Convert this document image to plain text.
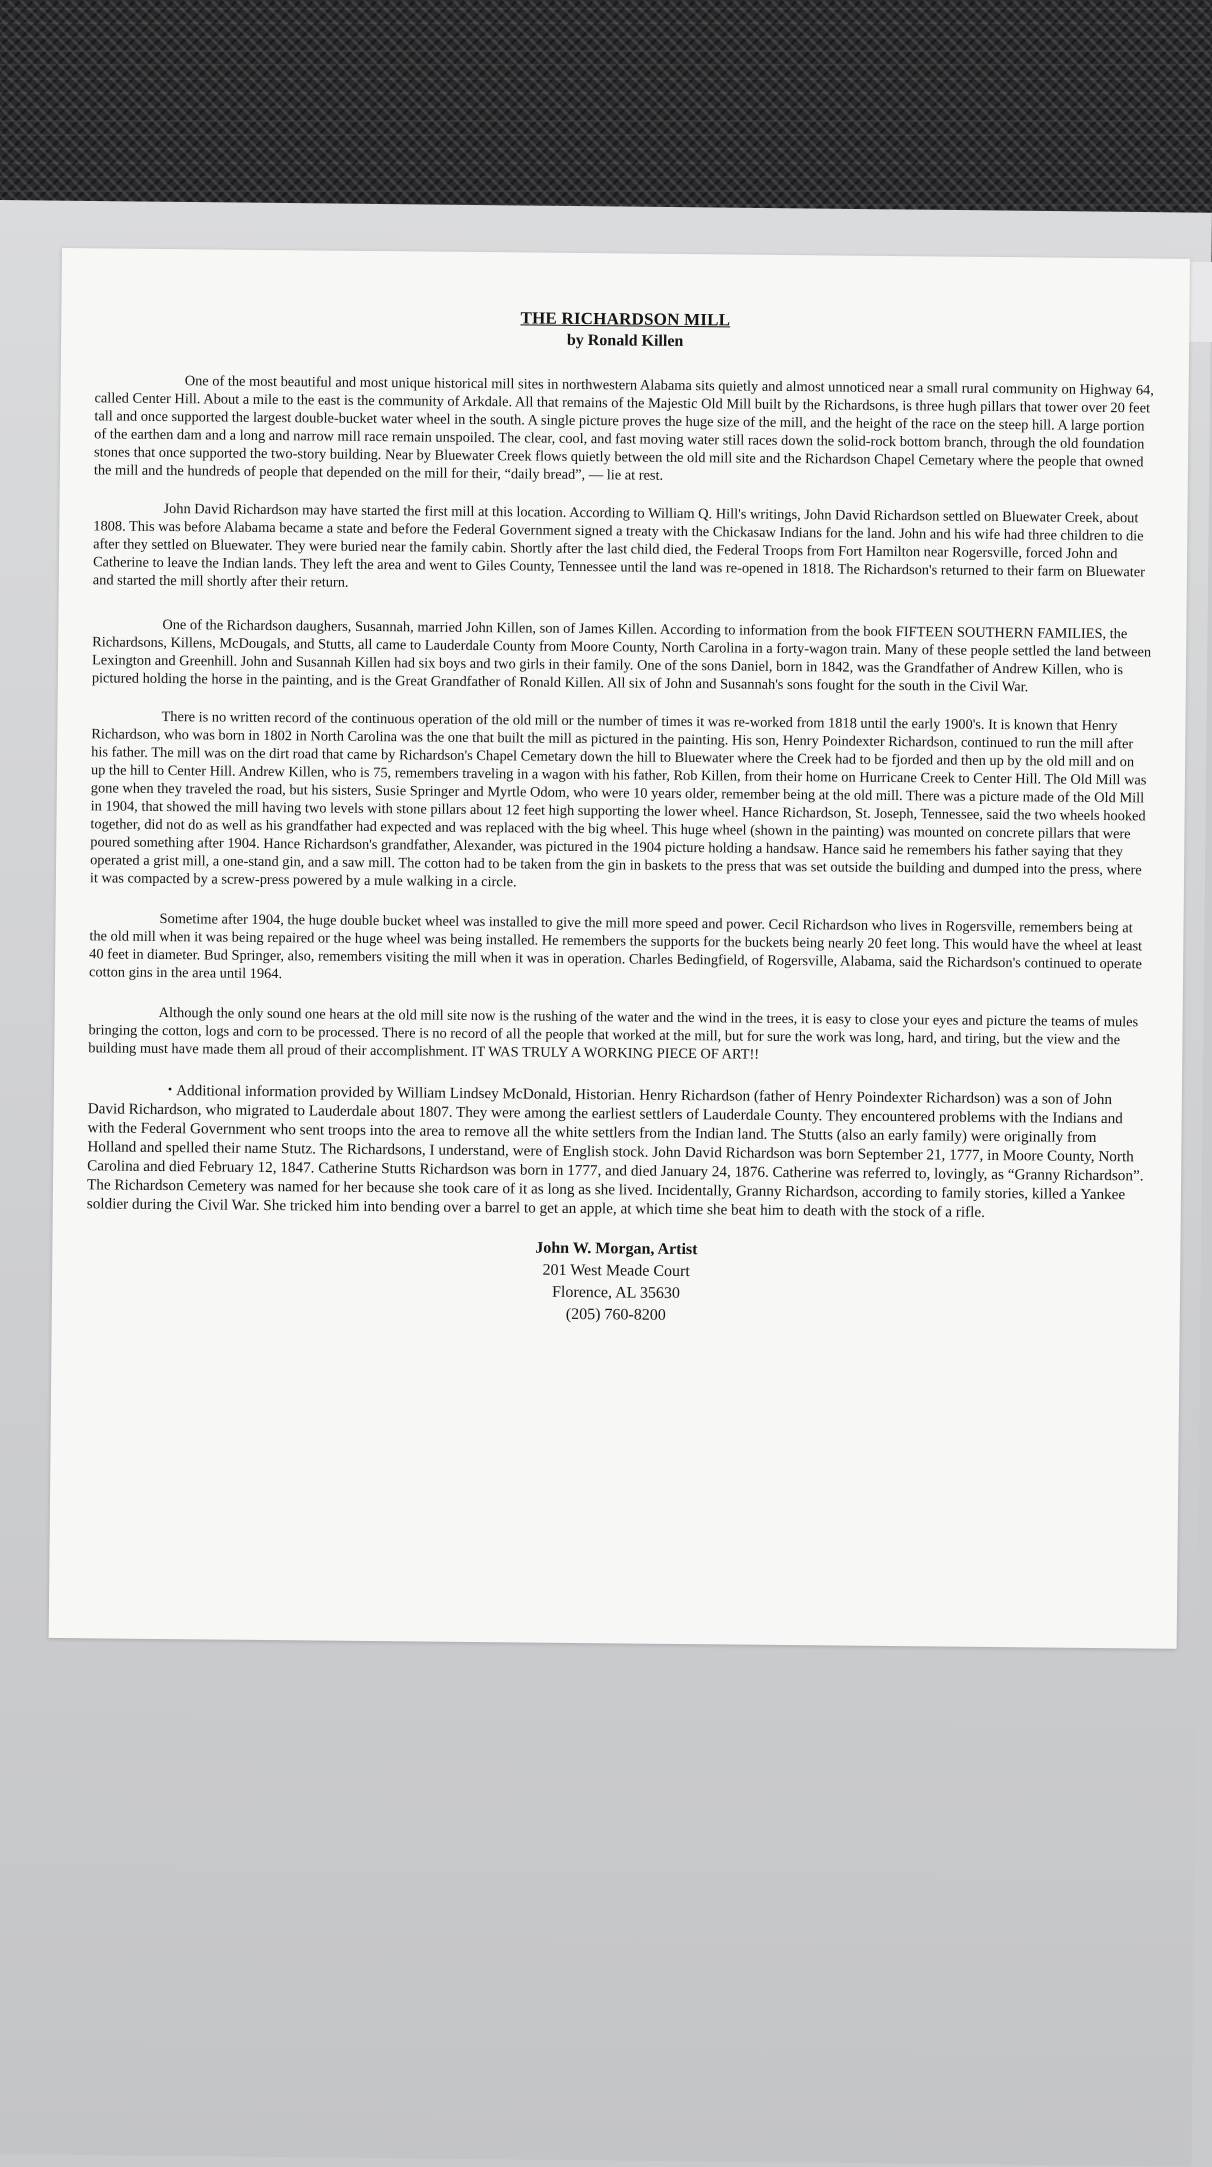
THE RICHARDSON MILL
by Ronald Killen

One of the most beautiful and most unique historical mill sites in northwestern Alabama sits quietly and almost unnoticed near a small rural community on Highway 64, called Center Hill. About a mile to the east is the community of Arkdale. All that remains of the Majestic Old Mill built by the Richardsons, is three hugh pillars that tower over 20 feet tall and once supported the largest double-bucket water wheel in the south. A single picture proves the huge size of the mill, and the height of the race on the steep hill. A large portion of the earthen dam and a long and narrow mill race remain unspoiled. The clear, cool, and fast moving water still races down the solid-rock bottom branch, through the old foundation stones that once supported the two-story building. Near by Bluewater Creek flows quietly between the old mill site and the Richardson Chapel Cemetary where the people that owned the mill and the hundreds of people that depended on the mill for their, “daily bread”, — lie at rest.

John David Richardson may have started the first mill at this location. According to William Q. Hill's writings, John David Richardson settled on Bluewater Creek, about 1808. This was before Alabama became a state and before the Federal Government signed a treaty with the Chickasaw Indians for the land. John and his wife had three children to die after they settled on Bluewater. They were buried near the family cabin. Shortly after the last child died, the Federal Troops from Fort Hamilton near Rogersville, forced John and Catherine to leave the Indian lands. They left the area and went to Giles County, Tennessee until the land was re-opened in 1818. The Richardson's returned to their farm on Bluewater and started the mill shortly after their return.

One of the Richardson daughers, Susannah, married John Killen, son of James Killen. According to information from the book FIFTEEN SOUTHERN FAMILIES, the Richardsons, Killens, McDougals, and Stutts, all came to Lauderdale County from Moore County, North Carolina in a forty-wagon train. Many of these people settled the land between Lexington and Greenhill. John and Susannah Killen had six boys and two girls in their family. One of the sons Daniel, born in 1842, was the Grandfather of Andrew Killen, who is pictured holding the horse in the painting, and is the Great Grandfather of Ronald Killen. All six of John and Susannah's sons fought for the south in the Civil War.

There is no written record of the continuous operation of the old mill or the number of times it was re-worked from 1818 until the early 1900's. It is known that Henry Richardson, who was born in 1802 in North Carolina was the one that built the mill as pictured in the painting. His son, Henry Poindexter Richardson, continued to run the mill after his father. The mill was on the dirt road that came by Richardson's Chapel Cemetary down the hill to Bluewater where the Creek had to be fjorded and then up by the old mill and on up the hill to Center Hill. Andrew Killen, who is 75, remembers traveling in a wagon with his father, Rob Killen, from their home on Hurricane Creek to Center Hill. The Old Mill was gone when they traveled the road, but his sisters, Susie Springer and Myrtle Odom, who were 10 years older, remember being at the old mill. There was a picture made of the Old Mill in 1904, that showed the mill having two levels with stone pillars about 12 feet high supporting the lower wheel. Hance Richardson, St. Joseph, Tennessee, said the two wheels hooked together, did not do as well as his grandfather had expected and was replaced with the big wheel. This huge wheel (shown in the painting) was mounted on concrete pillars that were poured something after 1904. Hance Richardson's grandfather, Alexander, was pictured in the 1904 picture holding a handsaw. Hance said he remembers his father saying that they operated a grist mill, a one-stand gin, and a saw mill. The cotton had to be taken from the gin in baskets to the press that was set outside the building and dumped into the press, where it was compacted by a screw-press powered by a mule walking in a circle.

Sometime after 1904, the huge double bucket wheel was installed to give the mill more speed and power. Cecil Richardson who lives in Rogersville, remembers being at the old mill when it was being repaired or the huge wheel was being installed. He remembers the supports for the buckets being nearly 20 feet long. This would have the wheel at least 40 feet in diameter. Bud Springer, also, remembers visiting the mill when it was in operation. Charles Bedingfield, of Rogersville, Alabama, said the Richardson's continued to operate cotton gins in the area until 1964.

Although the only sound one hears at the old mill site now is the rushing of the water and the wind in the trees, it is easy to close your eyes and picture the teams of mules bringing the cotton, logs and corn to be processed. There is no record of all the people that worked at the mill, but for sure the work was long, hard, and tiring, but the view and the building must have made them all proud of their accomplishment. IT WAS TRULY A WORKING PIECE OF ART!!

• Additional information provided by William Lindsey McDonald, Historian. Henry Richardson (father of Henry Poindexter Richardson) was a son of John David Richardson, who migrated to Lauderdale about 1807. They were among the earliest settlers of Lauderdale County. They encountered problems with the Indians and with the Federal Government who sent troops into the area to remove all the white settlers from the Indian land. The Stutts (also an early family) were originally from Holland and spelled their name Stutz. The Richardsons, I understand, were of English stock. John David Richardson was born September 21, 1777, in Moore County, North Carolina and died February 12, 1847. Catherine Stutts Richardson was born in 1777, and died January 24, 1876. Catherine was referred to, lovingly, as “Granny Richardson”. The Richardson Cemetery was named for her because she took care of it as long as she lived. Incidentally, Granny Richardson, according to family stories, killed a Yankee soldier during the Civil War. She tricked him into bending over a barrel to get an apple, at which time she beat him to death with the stock of a rifle.

John W. Morgan, Artist
201 West Meade Court
Florence, AL 35630
(205) 760-8200
